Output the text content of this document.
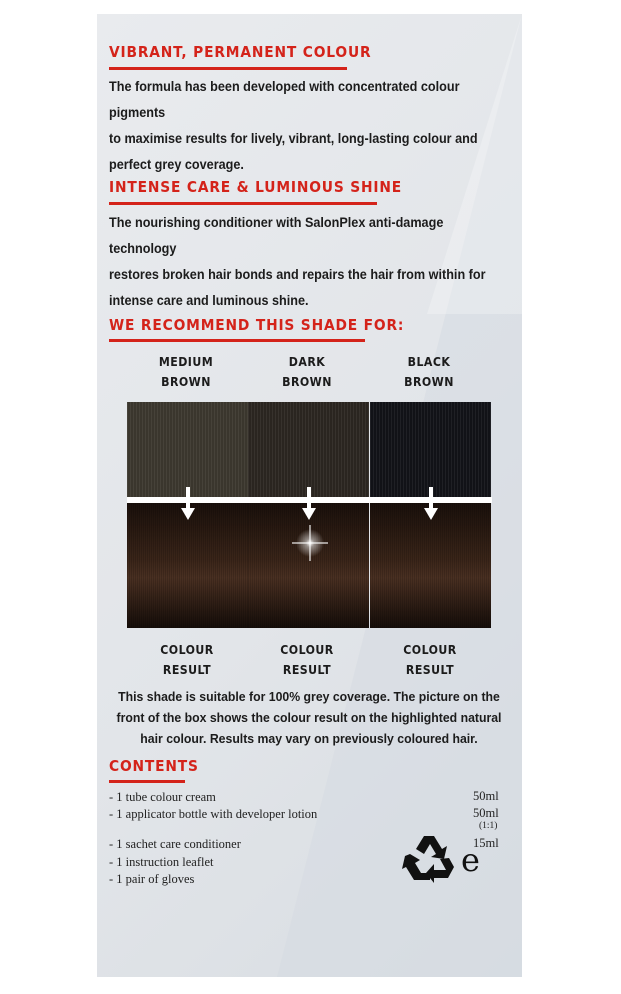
VIBRANT, PERMANENT COLOUR
The formula has been developed with concentrated colour pigments
to maximise results for lively, vibrant, long-lasting colour and
perfect grey coverage.
INTENSE CARE & LUMINOUS SHINE
The nourishing conditioner with SalonPlex anti-damage technology
restores broken hair bonds and repairs the hair from within for
intense care and luminous shine.
WE RECOMMEND THIS SHADE FOR:
MEDIUM
BROWN
DARK
BROWN
BLACK
BROWN
COLOUR
RESULT
COLOUR
RESULT
COLOUR
RESULT
This shade is suitable for 100% grey coverage. The picture on the
front of the box shows the colour result on the highlighted natural
hair colour. Results may vary on previously coloured hair.
CONTENTS
- 1 tube colour cream	50ml
- 1 applicator bottle with developer lotion	50ml
(1:1)
- 1 sachet care conditioner	15ml
- 1 instruction leaflet
- 1 pair of gloves	e
